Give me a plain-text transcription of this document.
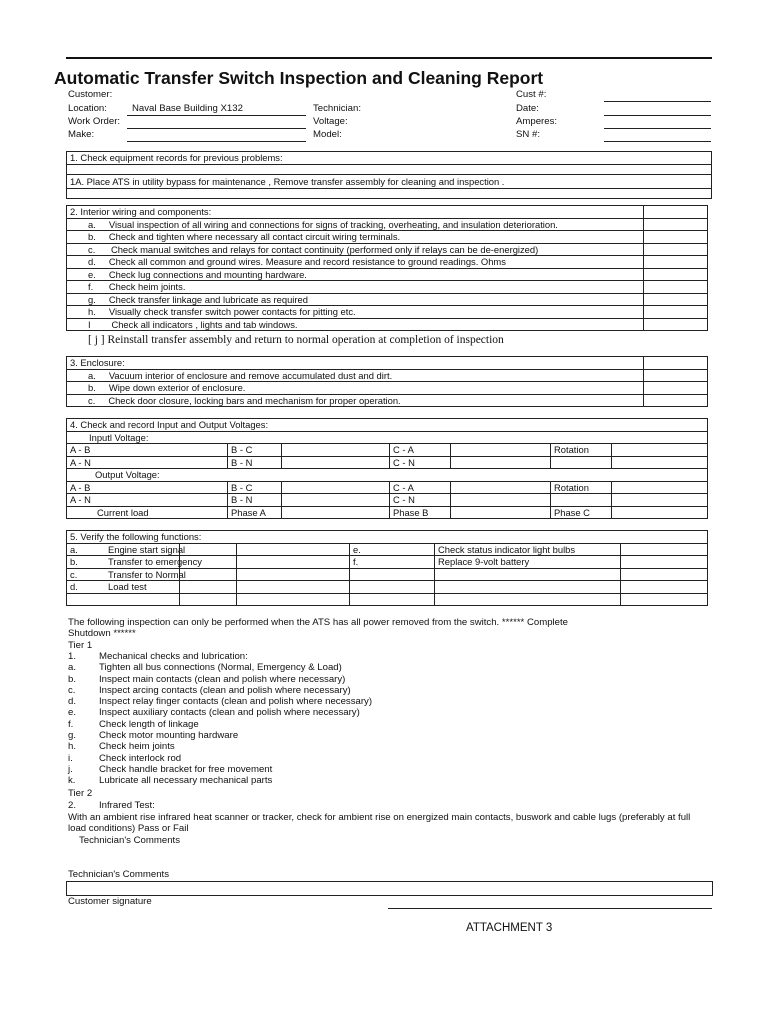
Automatic Transfer Switch Inspection and Cleaning Report
Customer:
Location:	Naval Base Building X132
Work Order:
Make:
Technician:
Voltage:
Model:
Cust #:
Date:
Amperes:
SN #:
1. Check equipment records for previous problems:

1A. Place ATS in utility bypass for maintenance , Remove transfer assembly for cleaning and inspection .

2. Interior wiring and components:	
a. Visual inspection of all wiring and connections for signs of tracking, overheating, and insulation deterioration.	
b. Check and tighten where necessary all contact circuit wiring terminals.	
c. Check manual switches and relays for contact continuity (performed only if relays can be de-energized)	
d. Check all common and ground wires. Measure and record resistance to ground readings. Ohms	
e. Check lug connections and mounting hardware.	
f. Check heim joints.	
g. Check transfer linkage and lubricate as required	
h. Visually check transfer switch power contacts for pitting etc.	
I Check all indicators , lights and tab windows.	
[ j ] Reinstall transfer assembly and return to normal operation at completion of inspection
3. Enclosure:	
a. Vacuum interior of enclosure and remove accumulated dust and dirt.	
b. Wipe down exterior of enclosure.	
c. Check door closure, locking bars and mechanism for proper operation.	
4. Check and record Input and Output Voltages:						
Inputl Voltage:						
A - B	B - C		C - A		Rotation	
A - N	B - N		C - N			
Output Voltage:						
A - B	B - C		C - A		Rotation	
A - N	B - N		C - N			
Current load	Phase A		Phase B		Phase C	
5. Verify the following functions:					
a.	Engine start signal		e.	Check status indicator light bulbs	
b.	Transfer to emergency		f.	Replace 9-volt battery	
c.	Transfer to Normal				
d.	Load test				

The following inspection can only be performed when the ATS has all power removed from the switch. ****** Complete
Shutdown ******
Tier 1
1. Mechanical checks and lubrication:
a. Tighten all bus connections (Normal, Emergency & Load)
b. Inspect main contacts (clean and polish where necessary)
c. Inspect arcing contacts (clean and polish where necessary)
d. Inspect relay finger contacts (clean and polish where necessary)
e. Inspect auxiliary contacts (clean and polish where necessary)
f.	Check length of linkage
g. Check motor mounting hardware
h. Check heim joints
i.	Check interlock rod
j.	Check handle bracket for free movement
k. Lubricate all necessary mechanical parts
Tier 2
2. Infrared Test:
With an ambient rise infrared heat scanner or tracker, check for ambient rise on energized main contacts, buswork and cable lugs (preferably at full
load conditions) Pass or Fail
Technician's Comments
Technician's Comments
Customer signature
ATTACHMENT 3
